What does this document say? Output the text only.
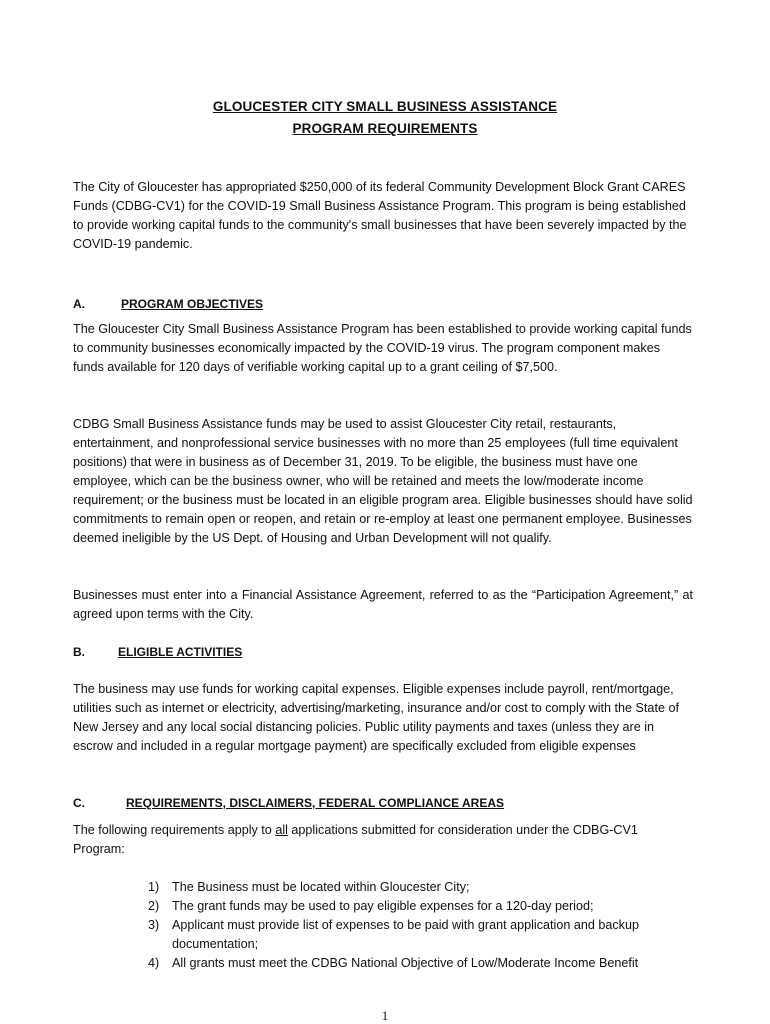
GLOUCESTER CITY SMALL BUSINESS ASSISTANCE
PROGRAM REQUIREMENTS
The City of Gloucester has appropriated $250,000 of its federal Community Development Block Grant CARES Funds (CDBG-CV1) for the COVID-19 Small Business Assistance Program. This program is being established to provide working capital funds to the community's small businesses that have been severely impacted by the COVID-19 pandemic.
A.	PROGRAM OBJECTIVES
The Gloucester City Small Business Assistance Program has been established to provide working capital funds to community businesses economically impacted by the COVID-19 virus. The program component makes funds available for 120 days of verifiable working capital up to a grant ceiling of $7,500.
CDBG Small Business Assistance funds may be used to assist Gloucester City retail, restaurants, entertainment, and nonprofessional service businesses with no more than 25 employees (full time equivalent positions) that were in business as of December 31, 2019. To be eligible, the business must have one employee, which can be the business owner, who will be retained and meets the low/moderate income requirement; or the business must be located in an eligible program area. Eligible businesses should have solid commitments to remain open or reopen, and retain or re-employ at least one permanent employee. Businesses deemed ineligible by the US Dept. of Housing and Urban Development will not qualify.
Businesses must enter into a Financial Assistance Agreement, referred to as the “Participation Agreement,” at agreed upon terms with the City.
B.	ELIGIBLE ACTIVITIES
The business may use funds for working capital expenses. Eligible expenses include payroll, rent/mortgage, utilities such as internet or electricity, advertising/marketing, insurance and/or cost to comply with the State of New Jersey and any local social distancing policies. Public utility payments and taxes (unless they are in escrow and included in a regular mortgage payment) are specifically excluded from eligible expenses
C.	REQUIREMENTS, DISCLAIMERS, FEDERAL COMPLIANCE AREAS
The following requirements apply to all applications submitted for consideration under the CDBG-CV1 Program:
1) The Business must be located within Gloucester City;
2) The grant funds may be used to pay eligible expenses for a 120-day period;
3) Applicant must provide list of expenses to be paid with grant application and backup documentation;
4) All grants must meet the CDBG National Objective of Low/Moderate Income Benefit
1
